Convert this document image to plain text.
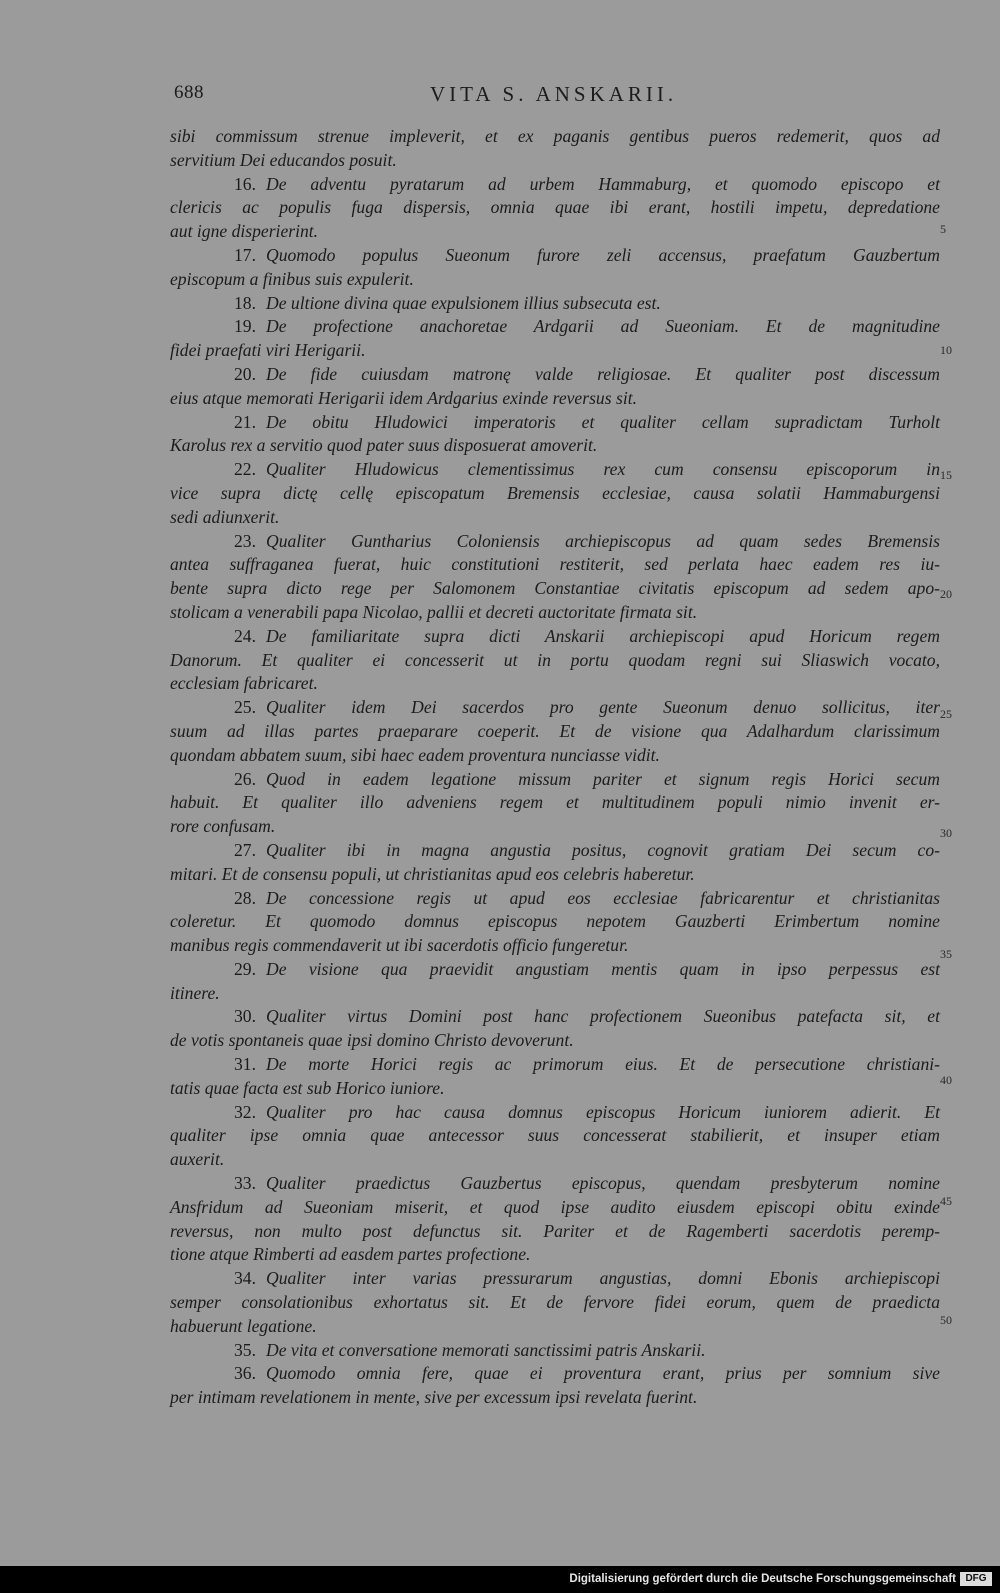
688	VITA S. ANSKARII.

sibi commissum strenue impleverit, et ex paganis gentibus pueros redemerit, quos ad
servitium Dei educandos posuit.

16. De adventu pyratarum ad urbem Hammaburg, et quomodo episcopo et
clericis ac populis fuga dispersis, omnia quae ibi erant, hostili impetu, depredatione
aut igne disperierint.

17. Quomodo populus Sueonum furore zeli accensus, praefatum Gauzbertum
episcopum a finibus suis expulerit.

18. De ultione divina quae expulsionem illius subsecuta est.

19. De profectione anachoretae Ardgarii ad Sueoniam. Et de magnitudine
fidei praefati viri Herigarii.

20. De fide cuiusdam matronę valde religiosae. Et qualiter post discessum
eius atque memorati Herigarii idem Ardgarius exinde reversus sit.

21. De obitu Hludowici imperatoris et qualiter cellam supradictam Turholt
Karolus rex a servitio quod pater suus disposuerat amoverit.

22. Qualiter Hludowicus clementissimus rex cum consensu episcoporum in
vice supra dictę cellę episcopatum Bremensis ecclesiae, causa solatii Hammaburgensi
sedi adiunxerit.

23. Qualiter Guntharius Coloniensis archiepiscopus ad quam sedes Bremensis
antea suffraganea fuerat, huic constitutioni restiterit, sed perlata haec eadem res iu-
bente supra dicto rege per Salomonem Constantiae civitatis episcopum ad sedem apo-
stolicam a venerabili papa Nicolao, pallii et decreti auctoritate firmata sit.

24. De familiaritate supra dicti Anskarii archiepiscopi apud Horicum regem
Danorum. Et qualiter ei concesserit ut in portu quodam regni sui Sliaswich vocato,
ecclesiam fabricaret.

25. Qualiter idem Dei sacerdos pro gente Sueonum denuo sollicitus, iter
suum ad illas partes praeparare coeperit. Et de visione qua Adalhardum clarissimum
quondam abbatem suum, sibi haec eadem proventura nunciasse vidit.

26. Quod in eadem legatione missum pariter et signum regis Horici secum
habuit. Et qualiter illo adveniens regem et multitudinem populi nimio invenit er-
rore confusam.

27. Qualiter ibi in magna angustia positus, cognovit gratiam Dei secum co-
mitari. Et de consensu populi, ut christianitas apud eos celebris haberetur.

28. De concessione regis ut apud eos ecclesiae fabricarentur et christianitas
coleretur. Et quomodo domnus episcopus nepotem Gauzberti Erimbertum nomine
manibus regis commendaverit ut ibi sacerdotis officio fungeretur.

29. De visione qua praevidit angustiam mentis quam in ipso perpessus est
itinere.

30. Qualiter virtus Domini post hanc profectionem Sueonibus patefacta sit, et
de votis spontaneis quae ipsi domino Christo devoverunt.

31. De morte Horici regis ac primorum eius. Et de persecutione christiani-
tatis quae facta est sub Horico iuniore.

32. Qualiter pro hac causa domnus episcopus Horicum iuniorem adierit. Et
qualiter ipse omnia quae antecessor suus concesserat stabilierit, et insuper etiam
auxerit.

33. Qualiter praedictus Gauzbertus episcopus, quendam presbyterum nomine
Ansfridum ad Sueoniam miserit, et quod ipse audito eiusdem episcopi obitu exinde
reversus, non multo post defunctus sit. Pariter et de Ragemberti sacerdotis peremp-
tione atque Rimberti ad easdem partes profectione.

34. Qualiter inter varias pressurarum angustias, domni Ebonis archiepiscopi
semper consolationibus exhortatus sit. Et de fervore fidei eorum, quem de praedicta
habuerunt legatione.

35. De vita et conversatione memorati sanctissimi patris Anskarii.

36. Quomodo omnia fere, quae ei proventura erant, prius per somnium sive
per intimam revelationem in mente, sive per excessum ipsi revelata fuerint.

5
10
15
20
25
30
35
40
45
50
Digitalisierung gefördert durch die Deutsche Forschungsgemeinschaft DFG
